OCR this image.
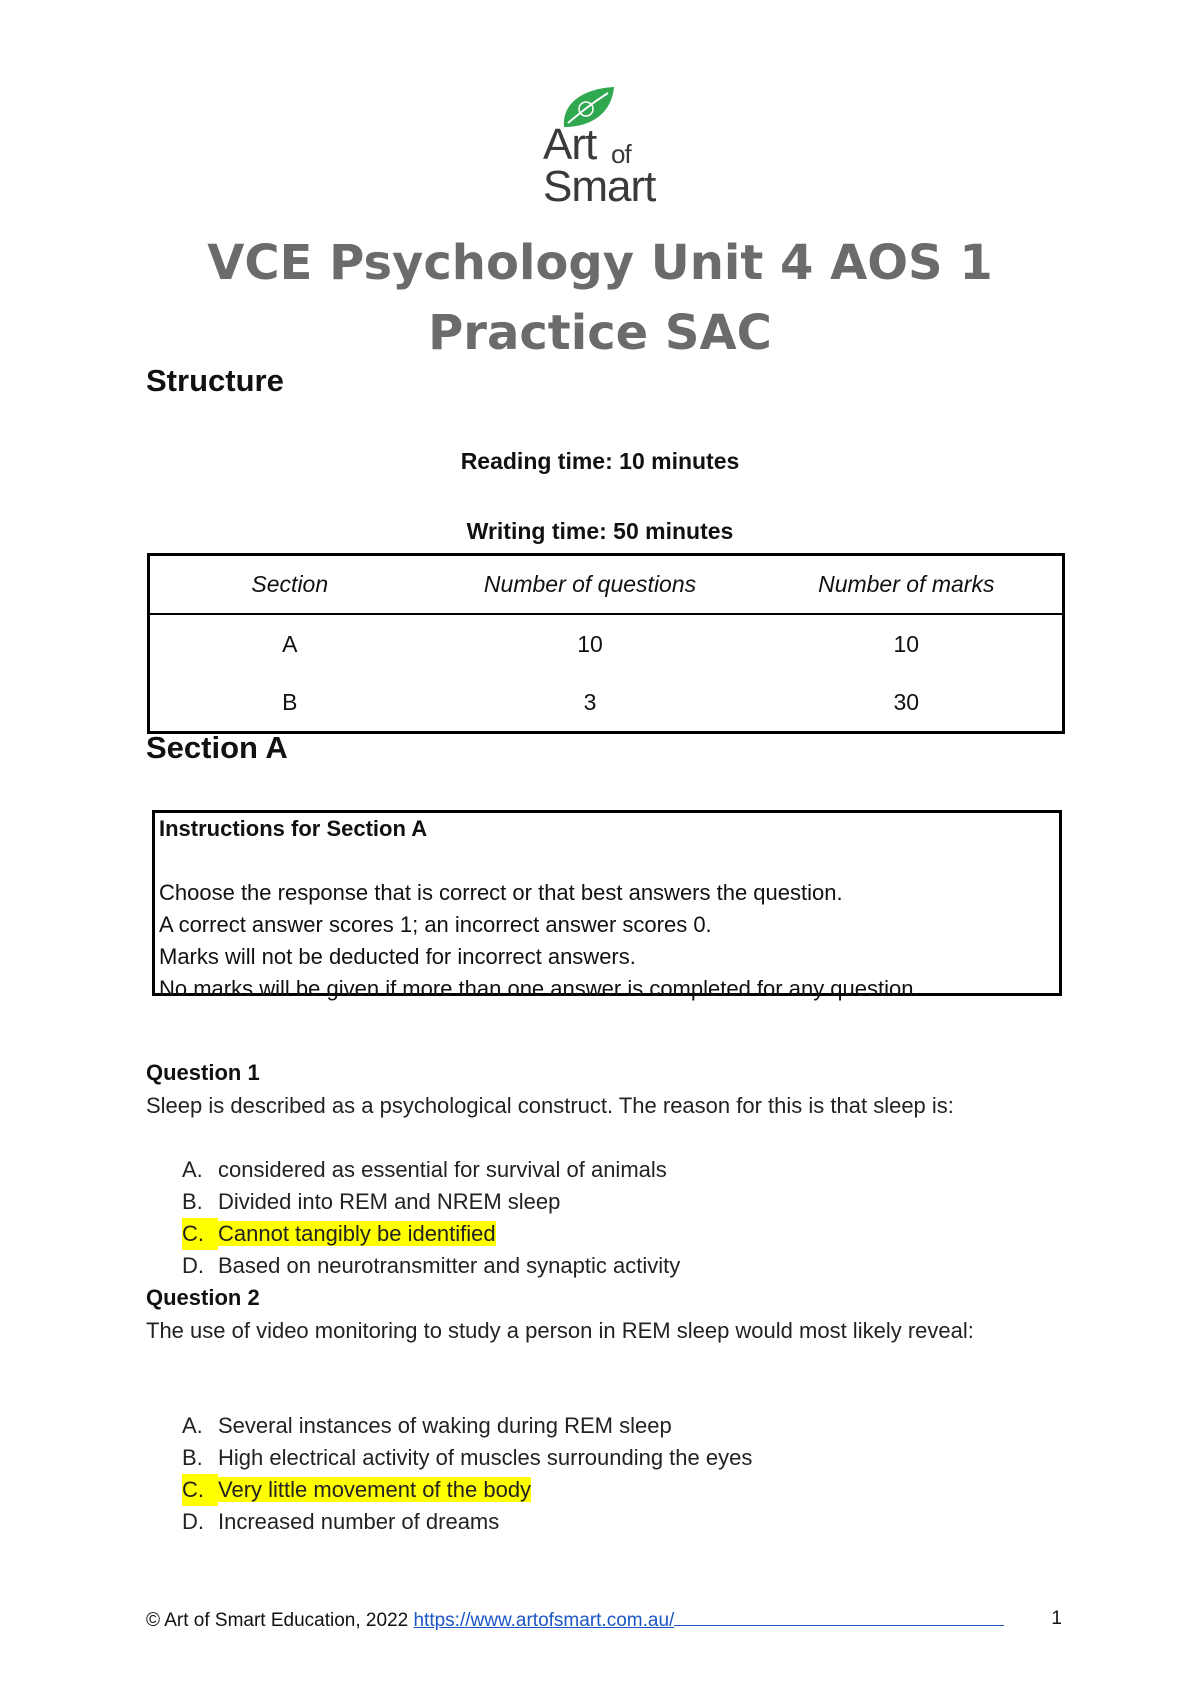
Art of
Smart
VCE Psychology Unit 4 AOS 1
Practice SAC
Structure
Reading time: 10 minutes
Writing time: 50 minutes
Section	Number of questions	Number of marks
A	10	10
B	3	30
Section A
Instructions for Section A
Choose the response that is correct or that best answers the question.
A correct answer scores 1; an incorrect answer scores 0.
Marks will not be deducted for incorrect answers.
No marks will be given if more than one answer is completed for any question.
Question 1
Sleep is described as a psychological construct. The reason for this is that sleep is:
A. considered as essential for survival of animals
B. Divided into REM and NREM sleep
C. Cannot tangibly be identified
D. Based on neurotransmitter and synaptic activity
Question 2
The use of video monitoring to study a person in REM sleep would most likely reveal:
A. Several instances of waking during REM sleep
B. High electrical activity of muscles surrounding the eyes
C. Very little movement of the body
D. Increased number of dreams
© Art of Smart Education, 2022 https://www.artofsmart.com.au/	1
